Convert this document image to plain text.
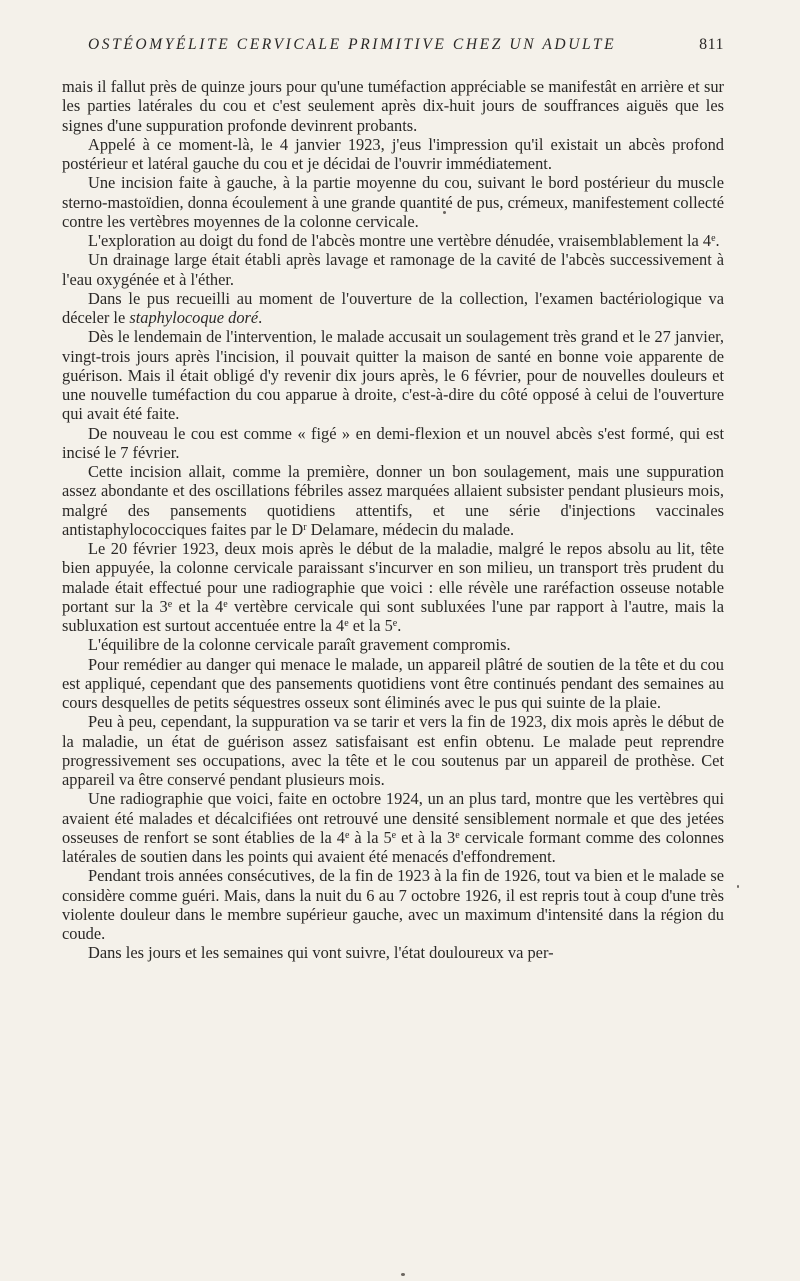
OSTÉOMYÉLITE CERVICALE PRIMITIVE CHEZ UN ADULTE	811

mais il fallut près de quinze jours pour qu'une tuméfaction appréciable se manifestât en arrière et sur les parties latérales du cou et c'est seulement après dix-huit jours de souffrances aiguës que les signes d'une suppuration profonde devinrent probants.

Appelé à ce moment-là, le 4 janvier 1923, j'eus l'impression qu'il existait un abcès profond postérieur et latéral gauche du cou et je décidai de l'ouvrir immédiatement.

Une incision faite à gauche, à la partie moyenne du cou, suivant le bord postérieur du muscle sterno-mastoïdien, donna écoulement à une grande quantité de pus, crémeux, manifestement collecté contre les vertèbres moyennes de la colonne cervicale.

L'exploration au doigt du fond de l'abcès montre une vertèbre dénudée, vraisemblablement la 4e.

Un drainage large était établi après lavage et ramonage de la cavité de l'abcès successivement à l'eau oxygénée et à l'éther.

Dans le pus recueilli au moment de l'ouverture de la collection, l'examen bactériologique va déceler le staphylocoque doré.

Dès le lendemain de l'intervention, le malade accusait un soulagement très grand et le 27 janvier, vingt-trois jours après l'incision, il pouvait quitter la maison de santé en bonne voie apparente de guérison. Mais il était obligé d'y revenir dix jours après, le 6 février, pour de nouvelles douleurs et une nouvelle tuméfaction du cou apparue à droite, c'est-à-dire du côté opposé à celui de l'ouverture qui avait été faite.

De nouveau le cou est comme « figé » en demi-flexion et un nouvel abcès s'est formé, qui est incisé le 7 février.

Cette incision allait, comme la première, donner un bon soulagement, mais une suppuration assez abondante et des oscillations fébriles assez marquées allaient subsister pendant plusieurs mois, malgré des pansements quotidiens attentifs, et une série d'injections vaccinales antistaphylococciques faites par le $D^r$ Delamare, médecin du malade.

Le 20 février 1923, deux mois après le début de la maladie, malgré le repos absolu au lit, tête bien appuyée, la colonne cervicale paraissant s'incurver en son milieu, un transport très prudent du malade était effectué pour une radiographie que voici : elle révèle une raréfaction osseuse notable portant sur la 3e et la 4e vertèbre cervicale qui sont subluxées l'une par rapport à l'autre, mais la subluxation est surtout accentuée entre la 4e et la 5e.

L'équilibre de la colonne cervicale paraît gravement compromis.

Pour remédier au danger qui menace le malade, un appareil plâtré de soutien de la tête et du cou est appliqué, cependant que des pansements quotidiens vont être continués pendant des semaines au cours desquelles de petits séquestres osseux sont éliminés avec le pus qui suinte de la plaie.

Peu à peu, cependant, la suppuration va se tarir et vers la fin de 1923, dix mois après le début de la maladie, un état de guérison assez satisfaisant est enfin obtenu. Le malade peut reprendre progressivement ses occupations, avec la tête et le cou soutenus par un appareil de prothèse. Cet appareil va être conservé pendant plusieurs mois.

Une radiographie que voici, faite en octobre 1924, un an plus tard, montre que les vertèbres qui avaient été malades et décalcifiées ont retrouvé une densité sensiblement normale et que des jetées osseuses de renfort se sont établies de la 4e à la 5e et à la 3e cervicale formant comme des colonnes latérales de soutien dans les points qui avaient été menacés d'effondrement.

Pendant trois années consécutives, de la fin de 1923 à la fin de 1926, tout va bien et le malade se considère comme guéri. Mais, dans la nuit du 6 au 7 octobre 1926, il est repris tout à coup d'une très violente douleur dans le membre supérieur gauche, avec un maximum d'intensité dans la région du coude.

Dans les jours et les semaines qui vont suivre, l'état douloureux va per-
